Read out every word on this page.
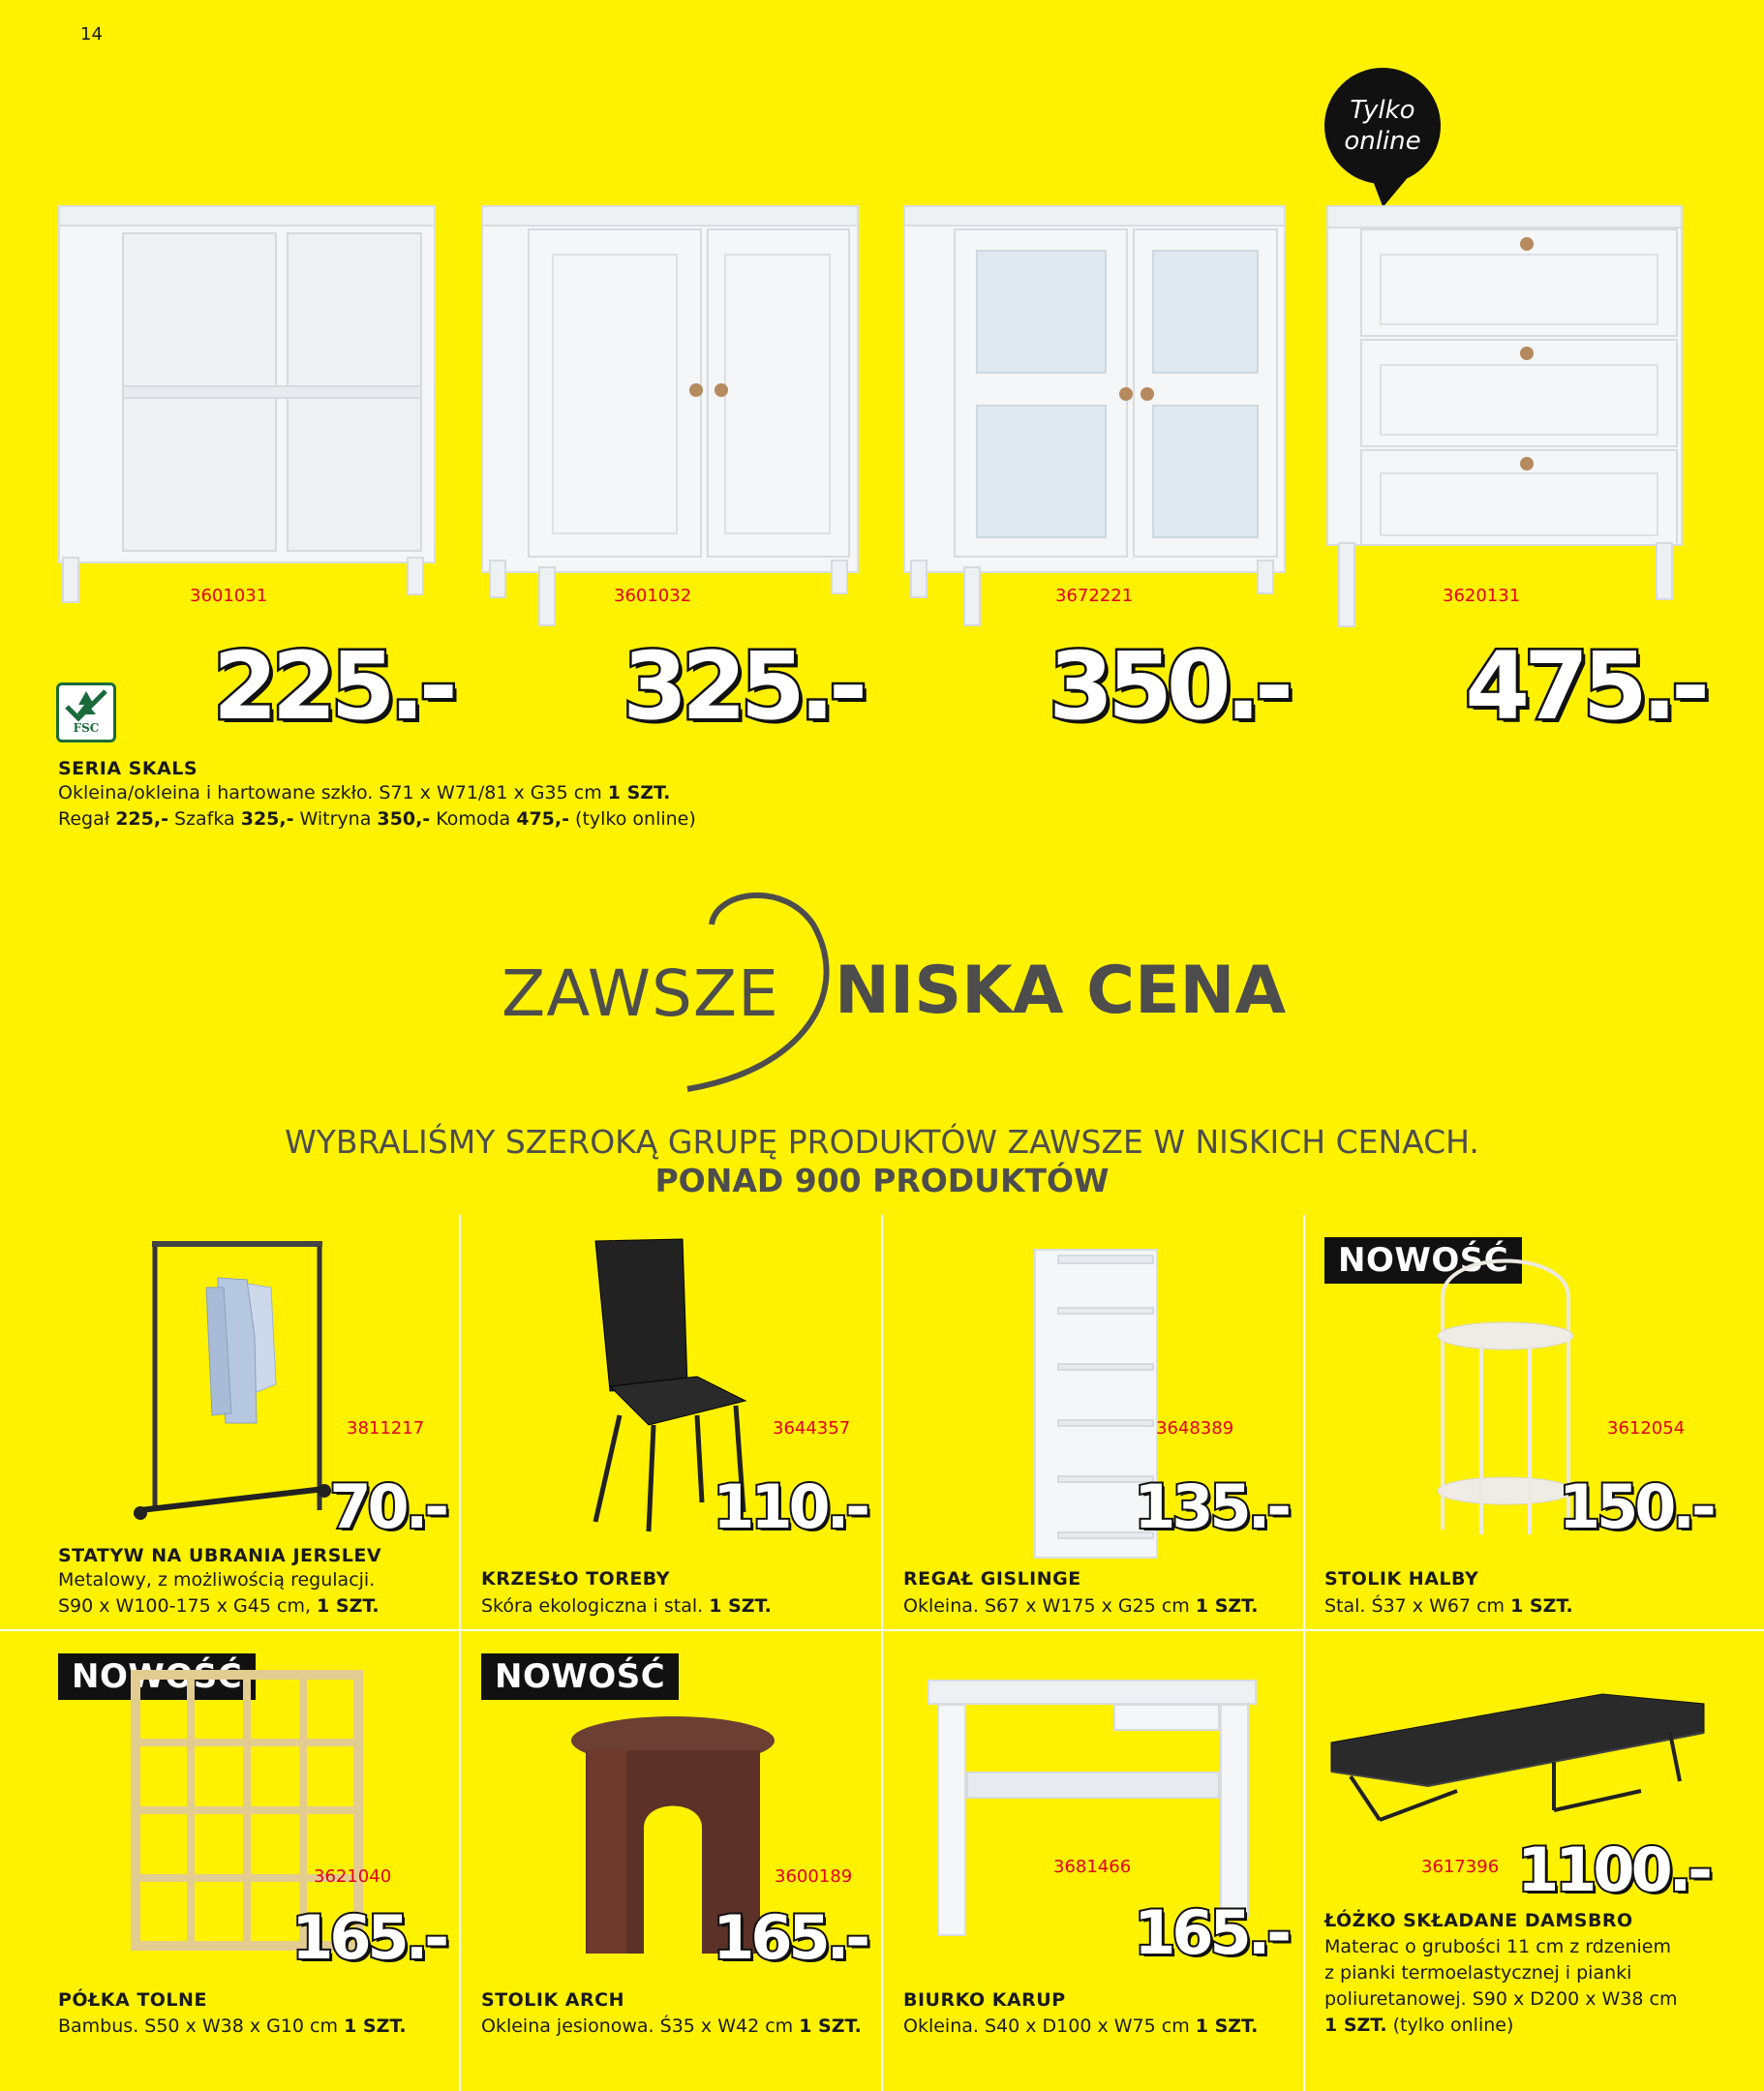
14
Tylko
online
3601031
225.-
3601032
325.-
3672221
350.-
3620131
475.-
FSC
SERIA SKALS
Okleina/okleina i hartowane szkło. S71 x W71/81 x G35 cm 1 SZT.
Regał 225,- Szafka 325,- Witryna 350,- Komoda 475,- (tylko online)
ZAWSZE NISKA CENA
WYBRALIŚMY SZEROKĄ GRUPĘ PRODUKTÓW ZAWSZE W NISKICH CENACH.
PONAD 900 PRODUKTÓW
3811217
70.-
STATYW NA UBRANIA JERSLEV
Metalowy, z możliwością regulacji.
S90 x W100-175 x G45 cm, 1 SZT.
3644357
110.-
KRZESŁO TOREBY
Skóra ekologiczna i stal. 1 SZT.
3648389
135.-
REGAŁ GISLINGE
Okleina. S67 x W175 x G25 cm 1 SZT.
NOWOŚĆ
3612054
150.-
STOLIK HALBY
Stal. Ś37 x W67 cm 1 SZT.
NOWOŚĆ
3621040
165.-
PÓŁKA TOLNE
Bambus. S50 x W38 x G10 cm 1 SZT.
NOWOŚĆ
3600189
165.-
STOLIK ARCH
Okleina jesionowa. Ś35 x W42 cm 1 SZT.
3681466
165.-
BIURKO KARUP
Okleina. S40 x D100 x W75 cm 1 SZT.
3617396 1100.-
ŁÓŻKO SKŁADANE DAMSBRO
Materac o grubości 11 cm z rdzeniem
z pianki termoelastycznej i pianki
poliuretanowej. S90 x D200 x W38 cm
1 SZT. (tylko online)
